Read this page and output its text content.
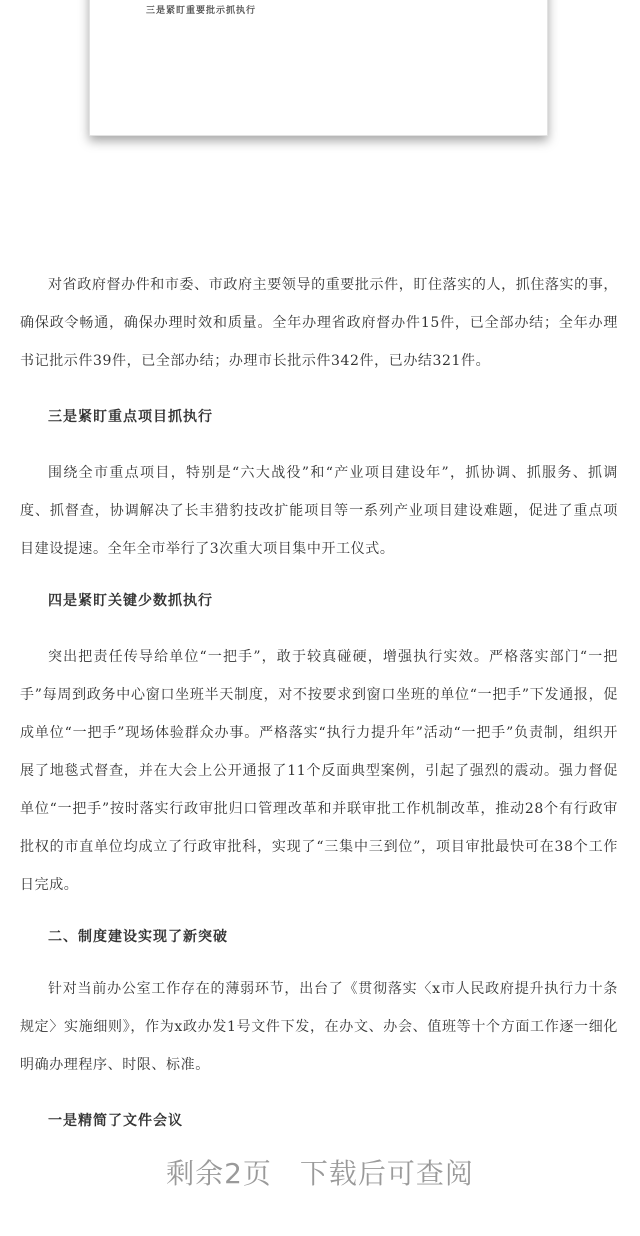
三是紧盯重要批示抓执行

对省政府督办件和市委、市政府主要领导的重要批示件，盯住落实的人，抓住落实的事，确保政令畅通，确保办理时效和质量。全年办理省政府督办件15件，已全部办结；全年办理书记批示件39件，已全部办结；办理市长批示件342件，已办结321件。

三是紧盯重点项目抓执行

围绕全市重点项目，特别是“六大战役”和“产业项目建设年”，抓协调、抓服务、抓调度、抓督查，协调解决了长丰猎豹技改扩能项目等一系列产业项目建设难题，促进了重点项目建设提速。全年全市举行了3次重大项目集中开工仪式。

四是紧盯关键少数抓执行

突出把责任传导给单位“一把手”，敢于较真碰硬，增强执行实效。严格落实部门“一把手”每周到政务中心窗口坐班半天制度，对不按要求到窗口坐班的单位“一把手”下发通报，促成单位“一把手”现场体验群众办事。严格落实“执行力提升年”活动“一把手”负责制，组织开展了地毯式督查，并在大会上公开通报了11个反面典型案例，引起了强烈的震动。强力督促单位“一把手”按时落实行政审批归口管理改革和并联审批工作机制改革，推动28个有行政审批权的市直单位均成立了行政审批科，实现了“三集中三到位”，项目审批最快可在38个工作日完成。

二、制度建设实现了新突破

针对当前办公室工作存在的薄弱环节，出台了《贯彻落实〈x市人民政府提升执行力十条规定〉实施细则》，作为x政办发1号文件下发，在办文、办会、值班等十个方面工作逐一细化明确办理程序、时限、标准。

一是精简了文件会议

剩余2页 下载后可查阅
